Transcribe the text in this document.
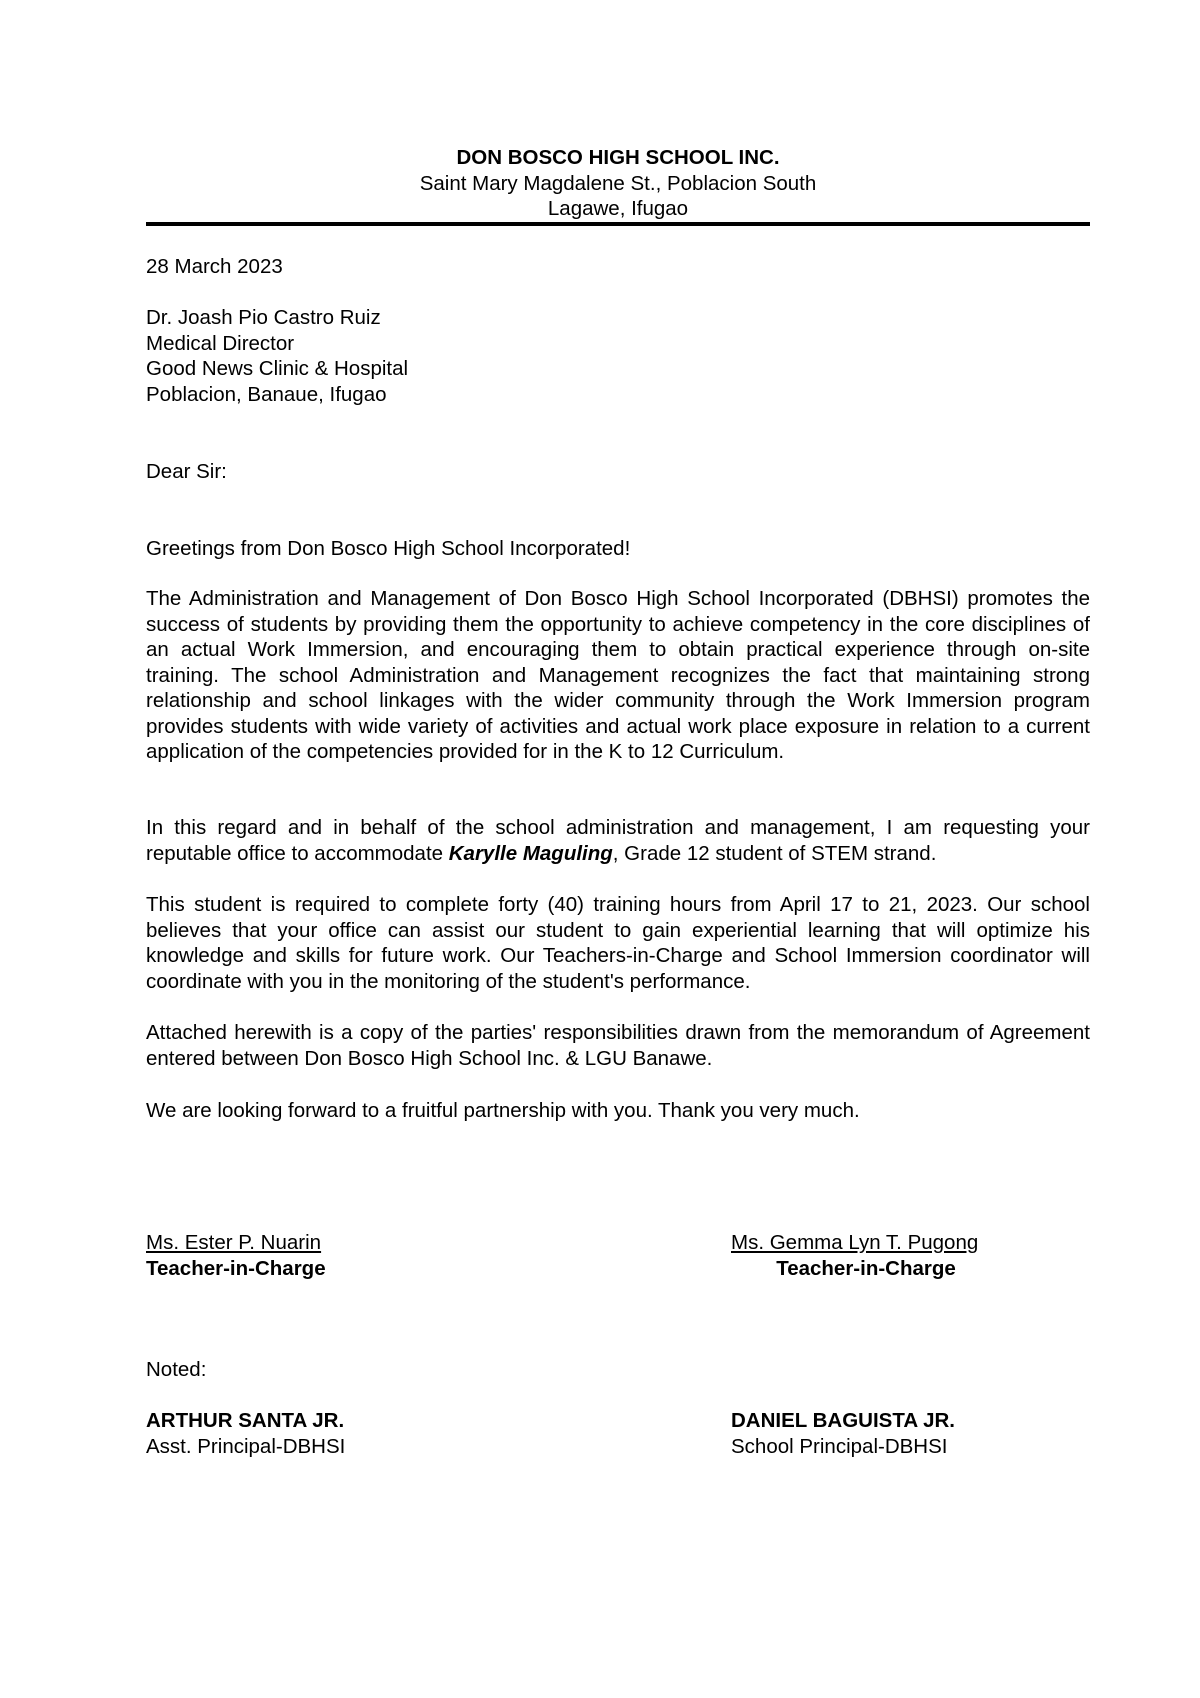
DON BOSCO HIGH SCHOOL INC.
Saint Mary Magdalene St., Poblacion South
Lagawe, Ifugao
28 March 2023
Dr. Joash Pio Castro Ruiz
Medical Director
Good News Clinic & Hospital
Poblacion, Banaue, Ifugao
Dear Sir:
Greetings from Don Bosco High School Incorporated!
The Administration and Management of Don Bosco High School Incorporated (DBHSI) promotes the success of students by providing them the opportunity to achieve competency in the core disciplines of an actual Work Immersion, and encouraging them to obtain practical experience through on-site training. The school Administration and Management recognizes the fact that maintaining strong relationship and school linkages with the wider community through the Work Immersion program provides students with wide variety of activities and actual work place exposure in relation to a current application of the competencies provided for in the K to 12 Curriculum.
In this regard and in behalf of the school administration and management, I am requesting your reputable office to accommodate Karylle Maguling, Grade 12 student of STEM strand.
This student is required to complete forty (40) training hours from April 17 to 21, 2023. Our school believes that your office can assist our student to gain experiential learning that will optimize his knowledge and skills for future work. Our Teachers-in-Charge and School Immersion coordinator will coordinate with you in the monitoring of the student's performance.
Attached herewith is a copy of the parties' responsibilities drawn from the memorandum of Agreement entered between Don Bosco High School Inc. & LGU Banawe.
We are looking forward to a fruitful partnership with you. Thank you very much.
Ms. Ester P. Nuarin
Teacher-in-Charge
Ms. Gemma Lyn T. Pugong
Teacher-in-Charge
Noted:
ARTHUR SANTA JR.
Asst. Principal-DBHSI
DANIEL BAGUISTA JR.
School Principal-DBHSI
